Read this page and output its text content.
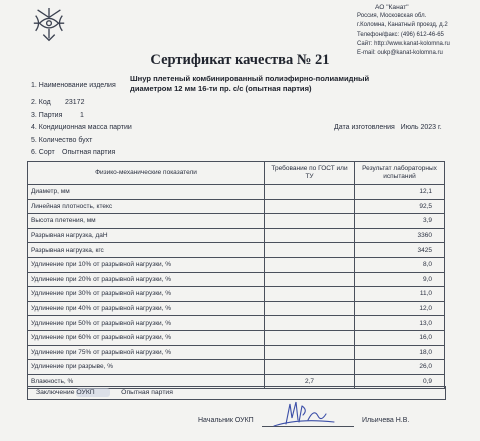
АО "Канат"
Россия, Московская обл.
г.Коломна, Канатный проезд, д.2
Телефон/факс: (496) 612-46-65
Сайт: http://www.kanat-kolomna.ru
E-mail: oukp@kanat-kolomna.ru
Сертификат качества № 21
1. Наименование изделия
Шнур плетеный комбинированный полиэфирно-полиамидный
диаметром 12 мм 16-ти пр. с/с (опытная партия)
2. Код 23172
3. Партия	1
4. Кондиционная масса партии	Дата изготовления Июль 2023 г.
5. Количество бухт
6. Сорт Опытная партия
Физико-механические показатели	Требование по ГОСТ или ТУ	Результат лабораторных испытаний
Диаметр, мм		12,1
Линейная плотность, ктекс		92,5
Высота плетения, мм		3,9
Разрывная нагрузка, даН		3360
Разрывная нагрузка, кгс		3425
Удлинение при 10% от разрывной нагрузки, %		8,0
Удлинение при 20% от разрывной нагрузки, %		9,0
Удлинение при 30% от разрывной нагрузки, %		11,0
Удлинение при 40% от разрывной нагрузки, %		12,0
Удлинение при 50% от разрывной нагрузки, %		13,0
Удлинение при 60% от разрывной нагрузки, %		16,0
Удлинение при 75% от разрывной нагрузки, %		18,0
Удлинение при разрыве, %		26,0
Влажность, %	2,7	0,9
Заключение ОУКП	Опытная партия
Начальник ОУКП	Ильичева Н.В.
